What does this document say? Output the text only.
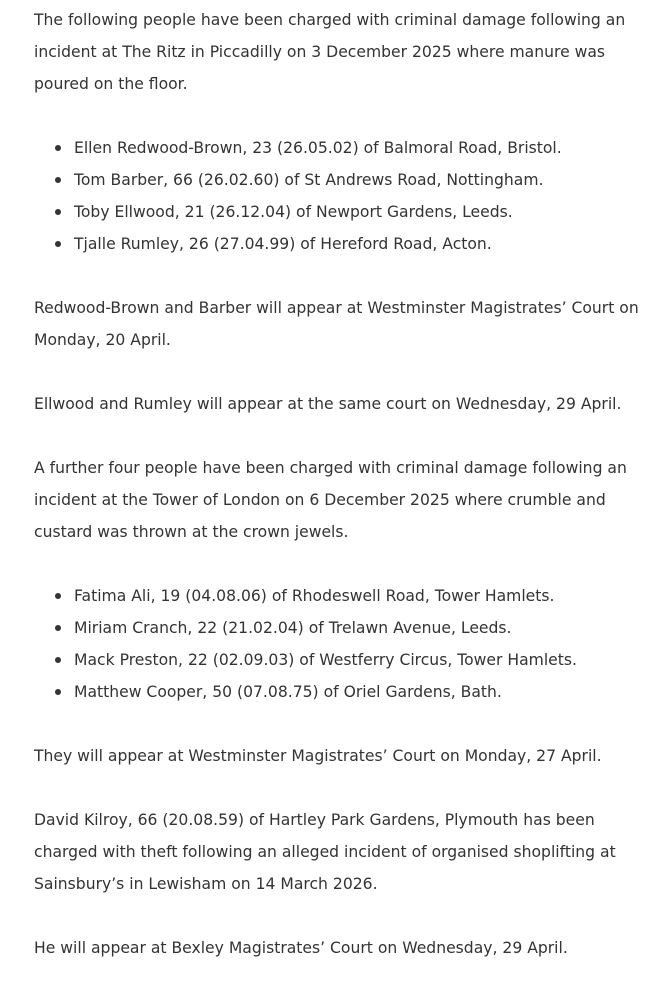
The following people have been charged with criminal damage following an incident at The Ritz in Piccadilly on 3 December 2025 where manure was poured on the floor.

Ellen Redwood-Brown, 23 (26.05.02) of Balmoral Road, Bristol.
Tom Barber, 66 (26.02.60) of St Andrews Road, Nottingham.
Toby Ellwood, 21 (26.12.04) of Newport Gardens, Leeds.
Tjalle Rumley, 26 (27.04.99) of Hereford Road, Acton.

Redwood-Brown and Barber will appear at Westminster Magistrates’ Court on Monday, 20 April.

Ellwood and Rumley will appear at the same court on Wednesday, 29 April.

A further four people have been charged with criminal damage following an incident at the Tower of London on 6 December 2025 where crumble and custard was thrown at the crown jewels.

Fatima Ali, 19 (04.08.06) of Rhodeswell Road, Tower Hamlets.
Miriam Cranch, 22 (21.02.04) of Trelawn Avenue, Leeds.
Mack Preston, 22 (02.09.03) of Westferry Circus, Tower Hamlets.
Matthew Cooper, 50 (07.08.75) of Oriel Gardens, Bath.

They will appear at Westminster Magistrates’ Court on Monday, 27 April.

David Kilroy, 66 (20.08.59) of Hartley Park Gardens, Plymouth has been charged with theft following an alleged incident of organised shoplifting at Sainsbury’s in Lewisham on 14 March 2026.

He will appear at Bexley Magistrates’ Court on Wednesday, 29 April.
